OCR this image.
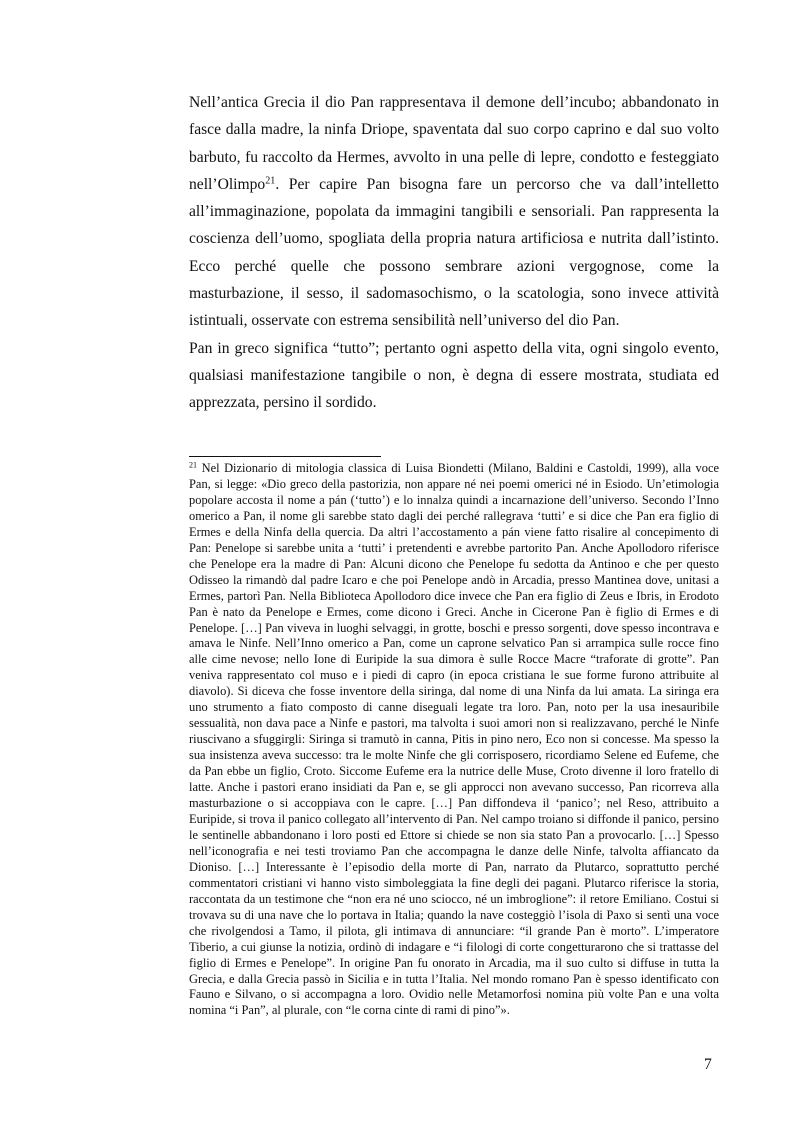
Nell’antica Grecia il dio Pan rappresentava il demone dell’incubo; abbandonato in fasce dalla madre, la ninfa Driope, spaventata dal suo corpo caprino e dal suo volto barbuto, fu raccolto da Hermes, avvolto in una pelle di lepre, condotto e festeggiato nell’Olimpo$^{21}$. Per capire Pan bisogna fare un percorso che va dall’intelletto all’immaginazione, popolata da immagini tangibili e sensoriali. Pan rappresenta la coscienza dell’uomo, spogliata della propria natura artificiosa e nutrita dall’istinto. Ecco perché quelle che possono sembrare azioni vergognose, come la masturbazione, il sesso, il sadomasochismo, o la scatologia, sono invece attività istintuali, osservate con estrema sensibilità nell’universo del dio Pan.

Pan in greco significa “tutto”; pertanto ogni aspetto della vita, ogni singolo evento, qualsiasi manifestazione tangibile o non, è degna di essere mostrata, studiata ed apprezzata, persino il sordido.

$^{21}$ Nel Dizionario di mitologia classica di Luisa Biondetti (Milano, Baldini e Castoldi, 1999), alla voce Pan, si legge: «Dio greco della pastorizia, non appare né nei poemi omerici né in Esiodo. Un’etimologia popolare accosta il nome a pán (‘tutto’) e lo innalza quindi a incarnazione dell’universo. Secondo l’Inno omerico a Pan, il nome gli sarebbe stato dagli dei perché rallegrava ‘tutti’ e si dice che Pan era figlio di Ermes e della Ninfa della quercia. Da altri l’accostamento a pán viene fatto risalire al concepimento di Pan: Penelope si sarebbe unita a ‘tutti’ i pretendenti e avrebbe partorito Pan. Anche Apollodoro riferisce che Penelope era la madre di Pan: Alcuni dicono che Penelope fu sedotta da Antinoo e che per questo Odisseo la rimandò dal padre Icaro e che poi Penelope andò in Arcadia, presso Mantinea dove, unitasi a Ermes, partorì Pan. Nella Biblioteca Apollodoro dice invece che Pan era figlio di Zeus e Ibris, in Erodoto Pan è nato da Penelope e Ermes, come dicono i Greci. Anche in Cicerone Pan è figlio di Ermes e di Penelope. […] Pan viveva in luoghi selvaggi, in grotte, boschi e presso sorgenti, dove spesso incontrava e amava le Ninfe. Nell’Inno omerico a Pan, come un caprone selvatico Pan si arrampica sulle rocce fino alle cime nevose; nello Ione di Euripide la sua dimora è sulle Rocce Macre “traforate di grotte”. Pan veniva rappresentato col muso e i piedi di capro (in epoca cristiana le sue forme furono attribuite al diavolo). Si diceva che fosse inventore della siringa, dal nome di una Ninfa da lui amata. La siringa era uno strumento a fiato composto di canne diseguali legate tra loro. Pan, noto per la usa inesauribile sessualità, non dava pace a Ninfe e pastori, ma talvolta i suoi amori non si realizzavano, perché le Ninfe riuscivano a sfuggirgli: Siringa si tramutò in canna, Pitis in pino nero, Eco non si concesse. Ma spesso la sua insistenza aveva successo: tra le molte Ninfe che gli corrisposero, ricordiamo Selene ed Eufeme, che da Pan ebbe un figlio, Croto. Siccome Eufeme era la nutrice delle Muse, Croto divenne il loro fratello di latte. Anche i pastori erano insidiati da Pan e, se gli approcci non avevano successo, Pan ricorreva alla masturbazione o si accoppiava con le capre. […] Pan diffondeva il ‘panico’; nel Reso, attribuito a Euripide, si trova il panico collegato all’intervento di Pan. Nel campo troiano si diffonde il panico, persino le sentinelle abbandonano i loro posti ed Ettore si chiede se non sia stato Pan a provocarlo. […] Spesso nell’iconografia e nei testi troviamo Pan che accompagna le danze delle Ninfe, talvolta affiancato da Dioniso. […] Interessante è l’episodio della morte di Pan, narrato da Plutarco, soprattutto perché commentatori cristiani vi hanno visto simboleggiata la fine degli dei pagani. Plutarco riferisce la storia, raccontata da un testimone che “non era né uno sciocco, né un imbroglione”: il retore Emiliano. Costui si trovava su di una nave che lo portava in Italia; quando la nave costeggiò l’isola di Paxo si sentì una voce che rivolgendosi a Tamo, il pilota, gli intimava di annunciare: “il grande Pan è morto”. L’imperatore Tiberio, a cui giunse la notizia, ordinò di indagare e “i filologi di corte congetturarono che si trattasse del figlio di Ermes e Penelope”. In origine Pan fu onorato in Arcadia, ma il suo culto si diffuse in tutta la Grecia, e dalla Grecia passò in Sicilia e in tutta l’Italia. Nel mondo romano Pan è spesso identificato con Fauno e Silvano, o si accompagna a loro. Ovidio nelle Metamorfosi nomina più volte Pan e una volta nomina “i Pan”, al plurale, con “le corna cinte di rami di pino”».

7
